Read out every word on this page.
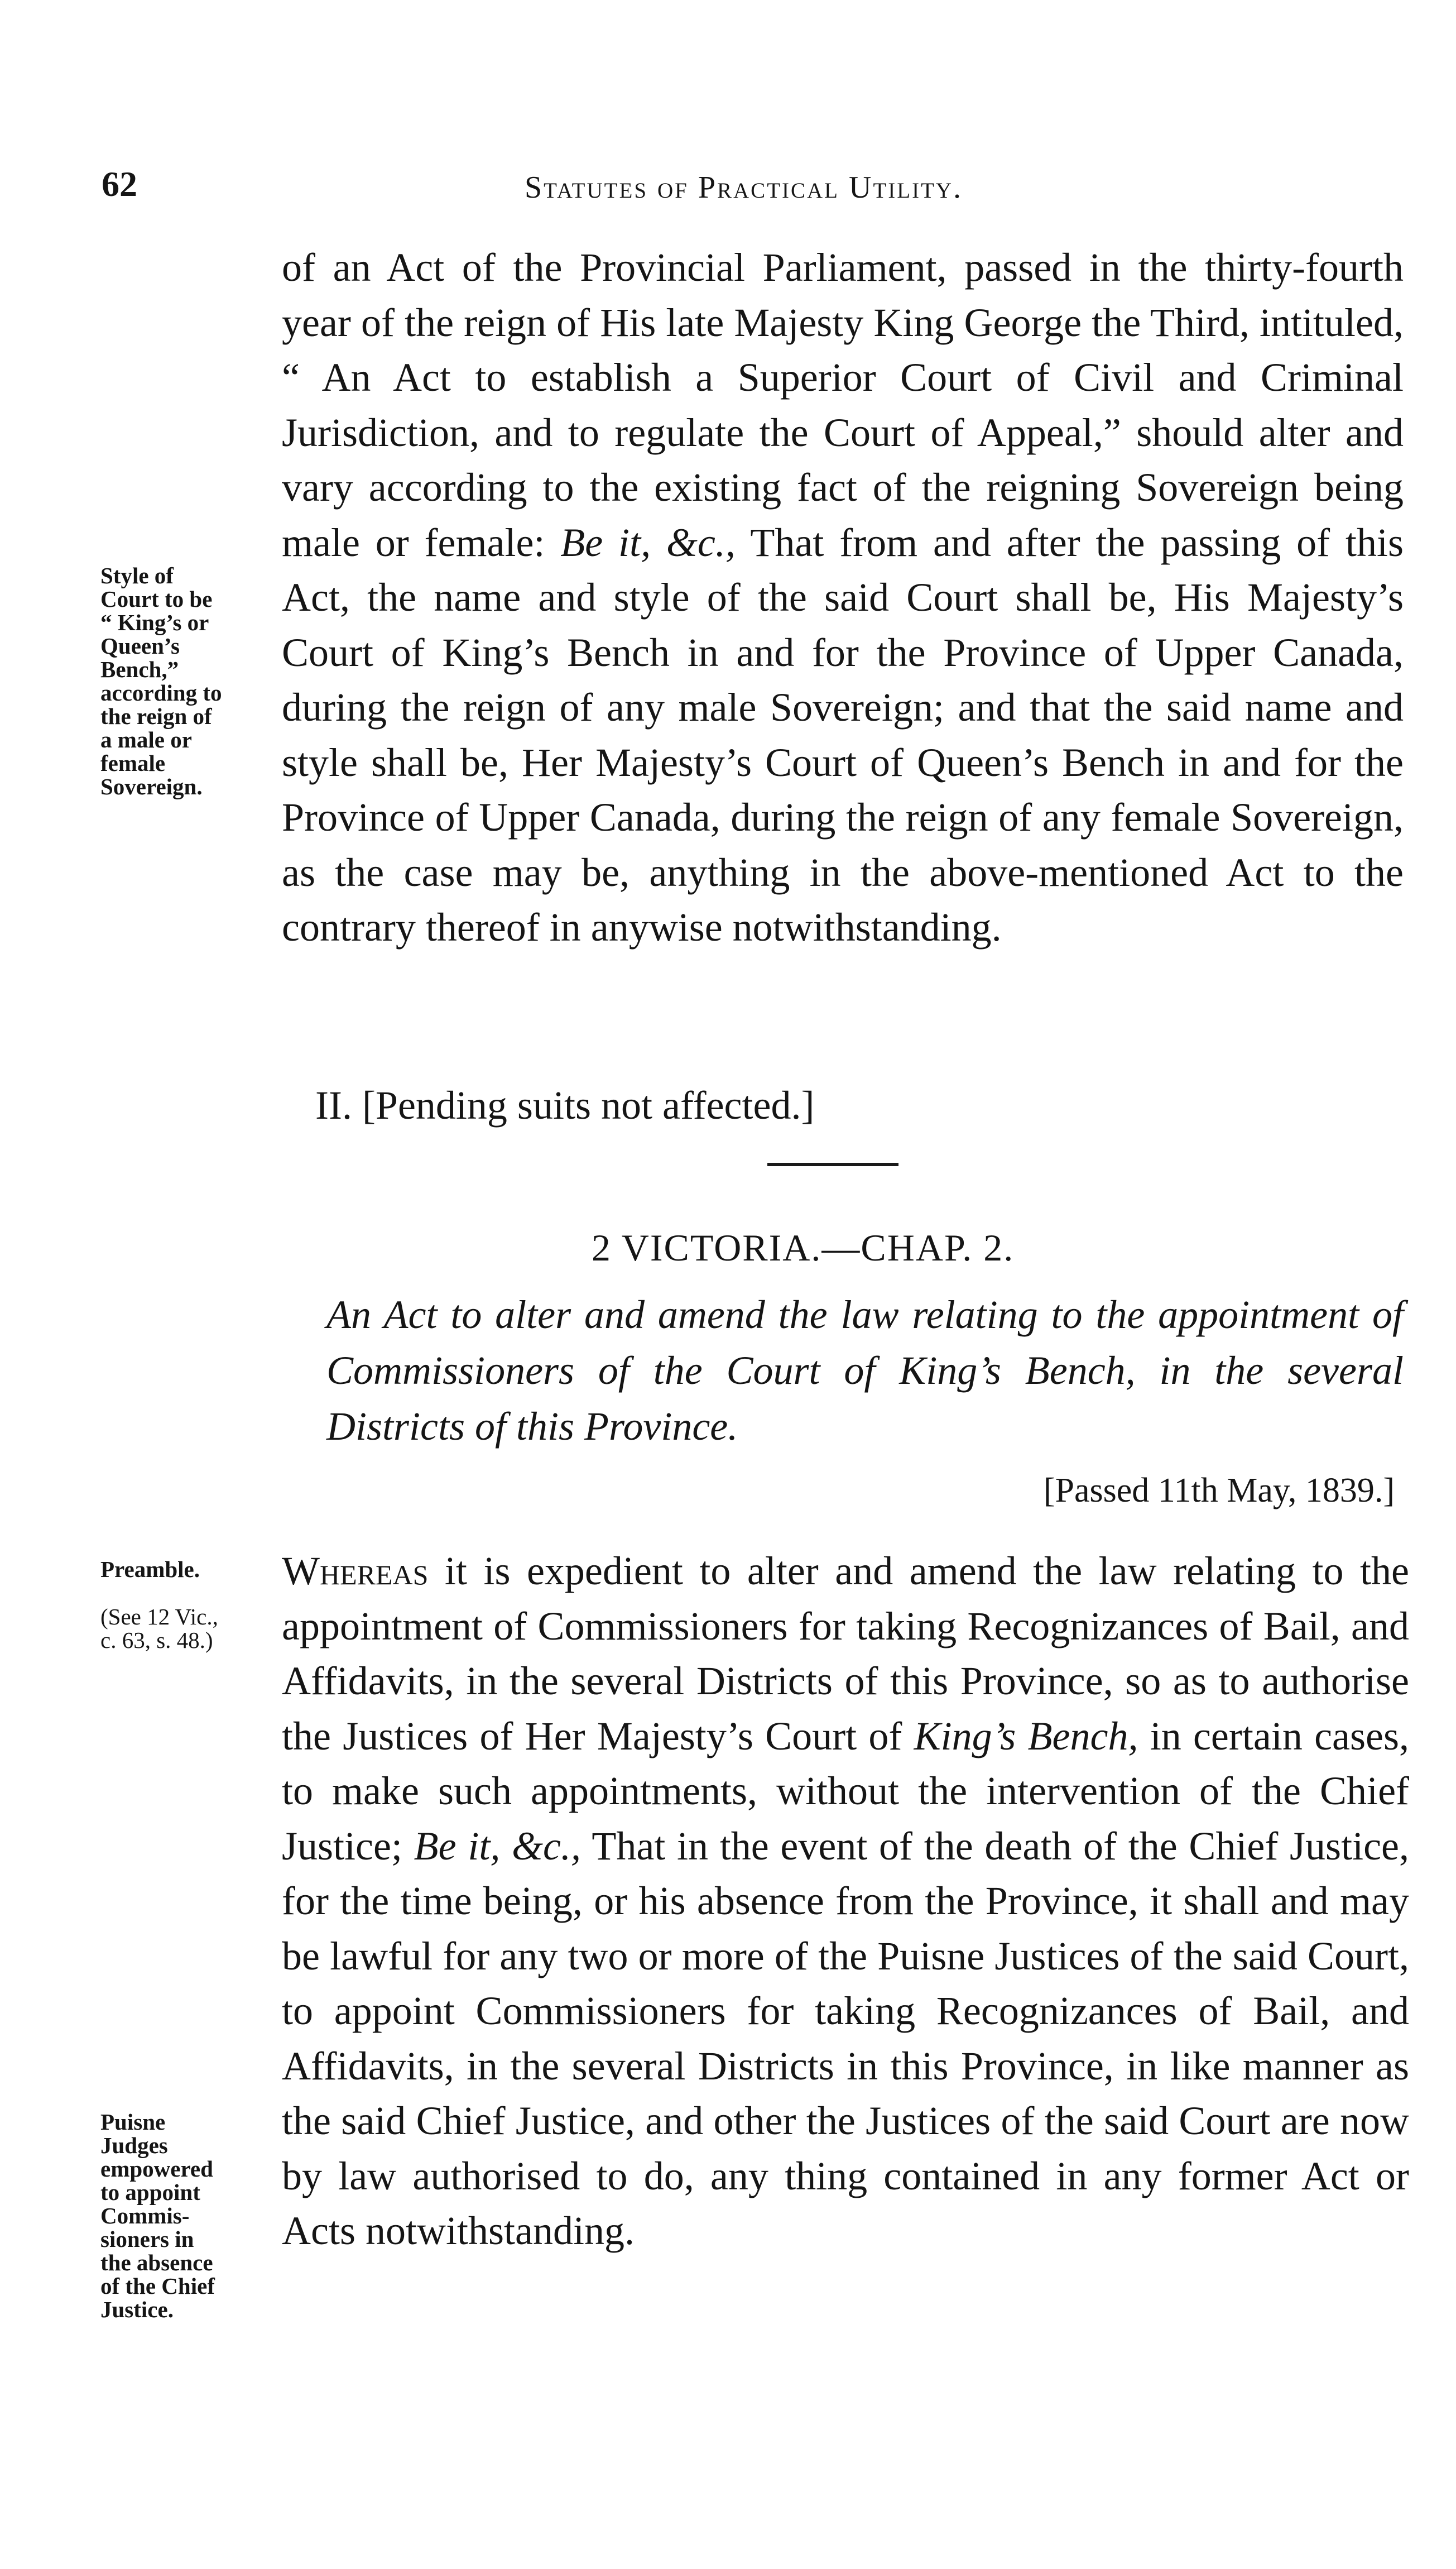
62	Statutes of Practical Utility.

of an Act of the Provincial Parliament, passed in the thirty-fourth year of the reign of His late Majesty King George the Third, intituled, “ An Act to establish a Superior Court of Civil and Criminal Jurisdiction, and to regulate the Court of Appeal,” should alter and vary according to the existing fact of the reigning Sovereign being male or female: Be it, &c., That from and after the passing of this Act, the name and style of the said Court shall be, His Majesty’s Court of King’s Bench in and for the Province of Upper Canada, during the reign of any male Sovereign; and that the said name and style shall be, Her Majesty’s Court of Queen’s Bench in and for the Province of Upper Canada, during the reign of any female Sovereign, as the case may be, anything in the above-mentioned Act to the contrary thereof in anywise notwithstanding.

Style of
Court to be
“ King’s or
Queen’s
Bench,”
according to
the reign of
a male or
female
Sovereign.
II. [Pending suits not affected.]
2 VICTORIA.—CHAP. 2.

An Act to alter and amend the law relating to the appointment of Commissioners of the Court of King’s Bench, in the several Districts of this Province.

[Passed 11th May, 1839.]
Preamble.
(See 12 Vic.,
c. 63, s. 48.)

Whereas it is expedient to alter and amend the law relating to the appointment of Commissioners for taking Recognizances of Bail, and Affidavits, in the several Districts of this Province, so as to authorise the Justices of Her Majesty’s Court of King’s Bench, in certain cases, to make such appointments, without the intervention of the Chief Justice; Be it, &c., That in the event of the death of the Chief Justice, for the time being, or his absence from the Province, it shall and may be lawful for any two or more of the Puisne Justices of the said Court, to appoint Commissioners for taking Recognizances of Bail, and Affidavits, in the several Districts in this Province, in like manner as the said Chief Justice, and other the Justices of the said Court are now by law authorised to do, any thing contained in any former Act or Acts notwithstanding.

Puisne
Judges
empowered
to appoint
Commis-
sioners in
the absence
of the Chief
Justice.
